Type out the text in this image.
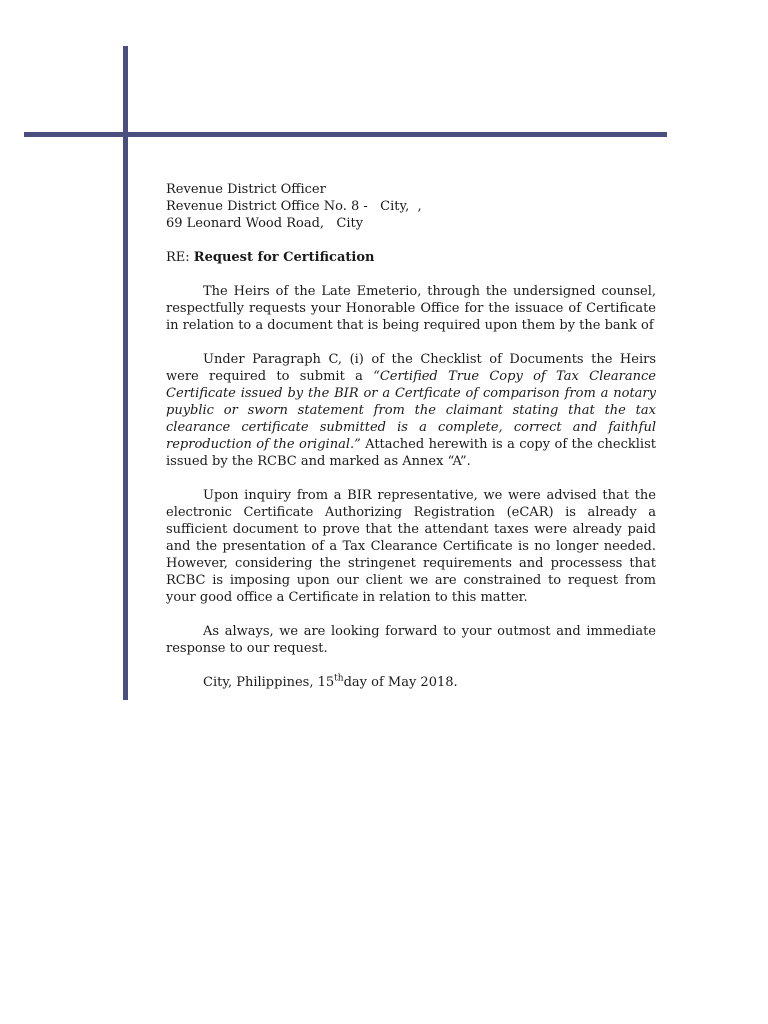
Revenue District Officer
Revenue District Office No. 8 -   City,  ,
69 Leonard Wood Road,   City
RE: Request for Certification

The Heirs of the Late Emeterio, through the undersigned counsel, respectfully requests your Honorable Office for the issuace of Certificate in relation to a document that is being required upon them by the bank of

Under Paragraph C, (i) of the Checklist of Documents the Heirs were required to submit a “Certified True Copy of Tax Clearance Certificate issued by the BIR or a Certficate of comparison from a notary puyblic or sworn statement from the claimant stating that the tax clearance certificate submitted is a complete, correct and faithful reproduction of the original.” Attached herewith is a copy of the checklist issued by the RCBC and marked as Annex “A”.

Upon inquiry from a BIR representative, we were advised that the electronic Certificate Authorizing Registration (eCAR) is already a sufficient document to prove that the attendant taxes were already paid and the presentation of a Tax Clearance Certificate is no longer needed. However, considering the stringenet requirements and processess that RCBC is imposing upon our client we are constrained to request from your good office a Certificate in relation to this matter.

As always, we are looking forward to your outmost and immediate response to our request.

City, Philippines, 15thday of May 2018.
